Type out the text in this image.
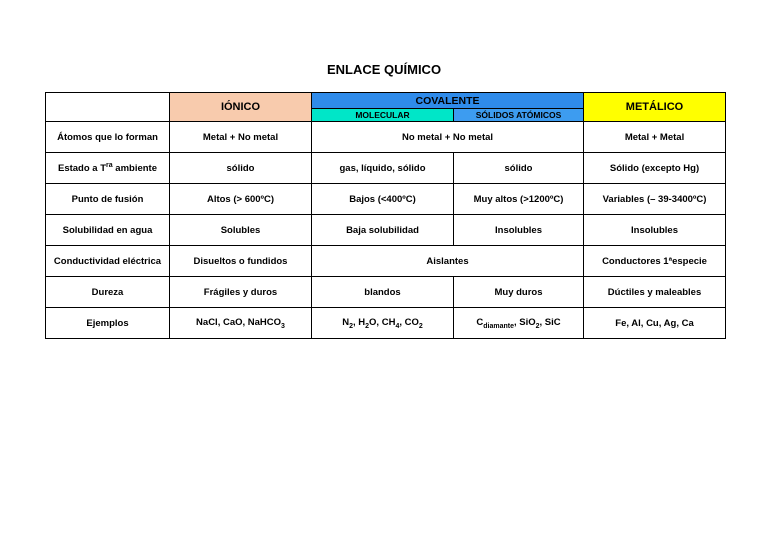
ENLACE QUÍMICO
	IÓNICO	COVALENTE		METÁLICO
		MOLECULAR	SÓLIDOS ATÓMICOS	
Átomos que lo forman	Metal + No metal	No metal + No metal		Metal + Metal
Estado a $T^{ra}$ ambiente	sólido	gas, líquido, sólido	sólido	Sólido (excepto Hg)
Punto de fusión	Altos (> 600ºC)	Bajos (<400ºC)	Muy altos (>1200ºC)	Variables (– 39-3400ºC)
Solubilidad en agua	Solubles	Baja solubilidad	Insolubles	Insolubles
Conductividad eléctrica	Disueltos o fundidos	Aislantes		Conductores 1ªespecie
Dureza	Frágiles y duros	blandos	Muy duros	Dúctiles y maleables
Ejemplos	NaCl, CaO, NaHCO$_3$	$N_2$, $H_2O$, $CH_4$, $CO_2$	$C_{diamante}$, SiO$_2$, SiC	Fe, Al, Cu, Ag, Ca
